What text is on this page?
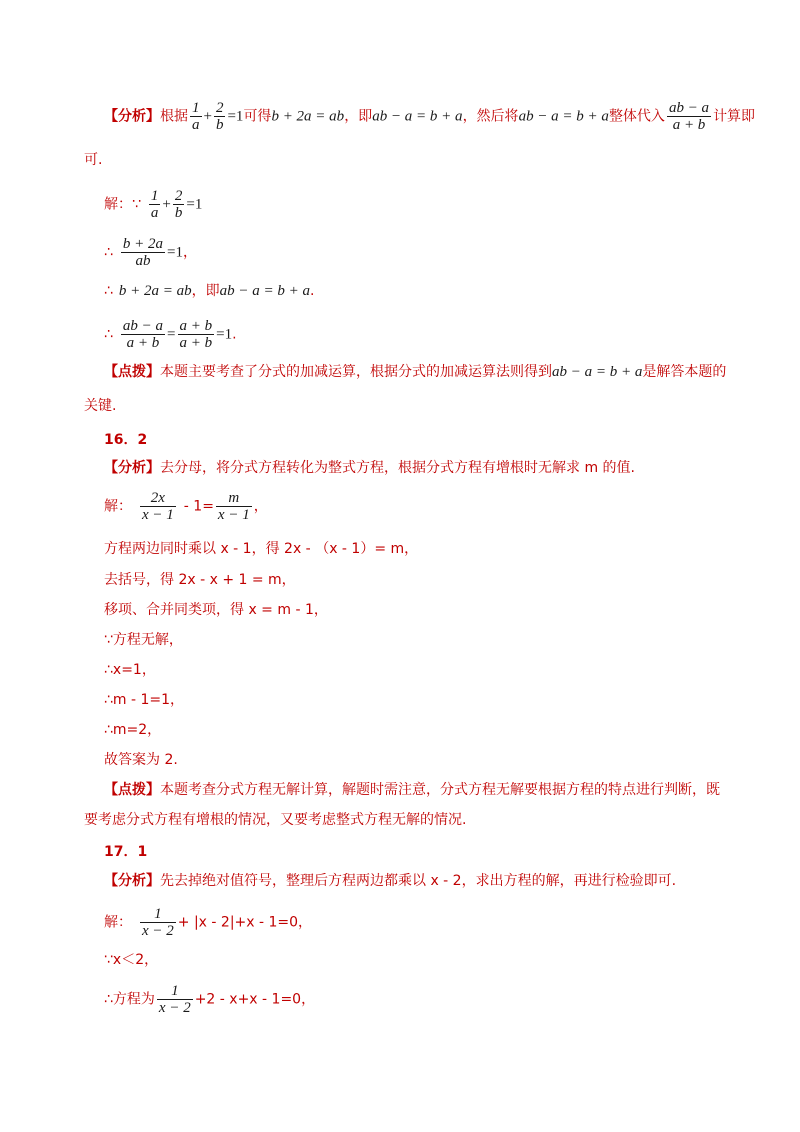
【分析】根据 $\frac{1}{a} + \frac{2}{b} =1$可得b + 2a = ab，即ab − a = b + a，然后将ab − a = b + a整体代入 $\frac{ab - a}{a + b}$ 计算即
可.
解：∵ $\frac{1}{a} + \frac{2}{b} =1$
∴ $\frac{b + 2a}{ab} =1$，
∴ b + 2a = ab，即ab − a = b + a.
∴ $\frac{ab - a}{a + b} = \frac{a + b}{a + b} =1$.
【点拨】本题主要考查了分式的加减运算，根据分式的加减运算法则得到ab − a = b + a是解答本题的
关键.
16．2
【分析】去分母，将分式方程转化为整式方程，根据分式方程有增根时无解求 m 的值.
解： $\frac{2x}{x - 1} - 1= \frac{m}{x - 1}$ ，
方程两边同时乘以 x - 1，得 2x - （x - 1）= m，
去括号，得 2x - x + 1 = m，
移项、合并同类项，得 x = m - 1，
∵方程无解，
∴x=1，
∴m - 1=1，
∴m=2，
故答案为 2.
【点拨】本题考查分式方程无解计算，解题时需注意，分式方程无解要根据方程的特点进行判断，既
要考虑分式方程有增根的情况，又要考虑整式方程无解的情况.
17．1
【分析】先去掉绝对值符号，整理后方程两边都乘以 x - 2，求出方程的解，再进行检验即可.
解： $\frac{1}{x - 2} + |x - 2|+x - 1=0$，
∵x＜2，
∴方程为 $\frac{1}{x - 2} +2 - x+x - 1=0$，
